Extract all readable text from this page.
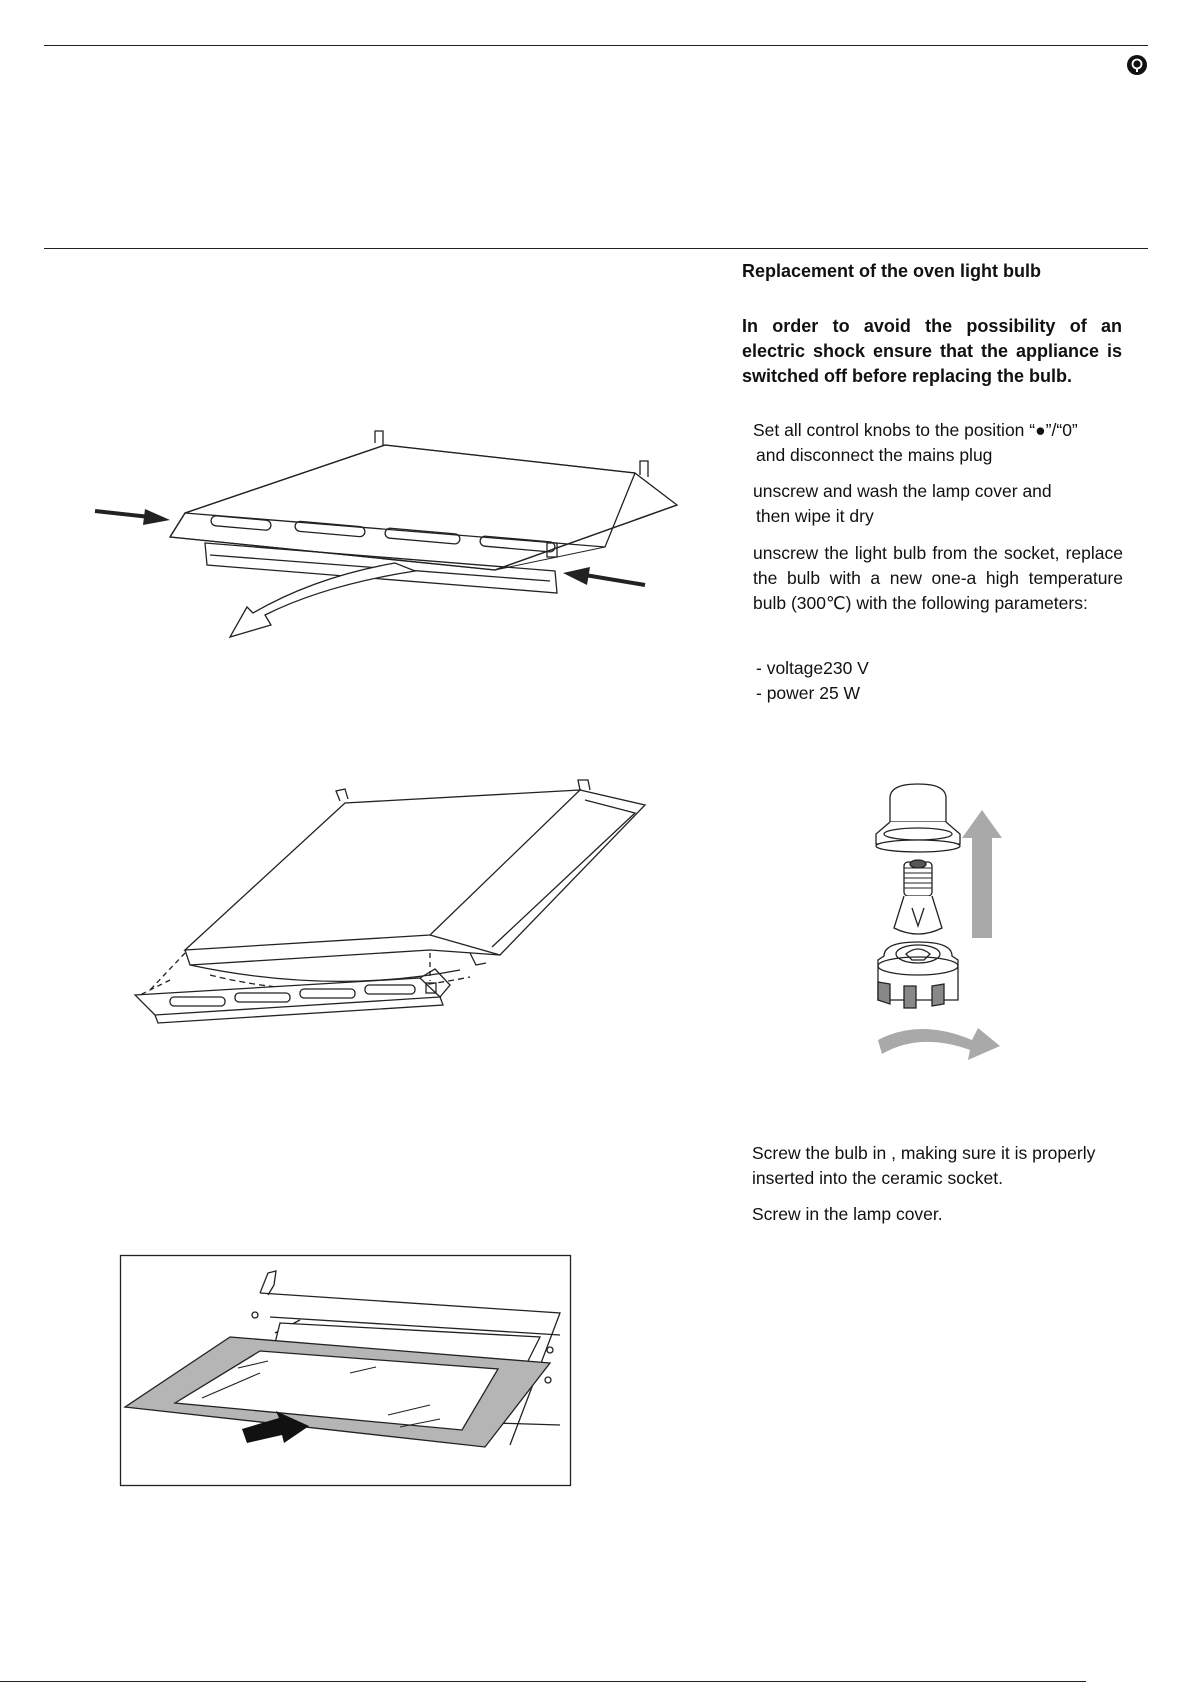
Replacement of the oven light bulb
In order to avoid the possibility of an electric shock ensure that the appliance is switched off before replacing the bulb.
Set all control knobs to the position “●”/“0”
and disconnect the mains plug
unscrew and wash the lamp cover and
then wipe it dry
unscrew the light bulb from the socket, replace the bulb with a new one-a high temperature bulb (300℃) with the following parameters:
- voltage230 V
- power 25 W
Screw the bulb in , making sure it is properly inserted into the ceramic socket.
Screw in the lamp cover.
